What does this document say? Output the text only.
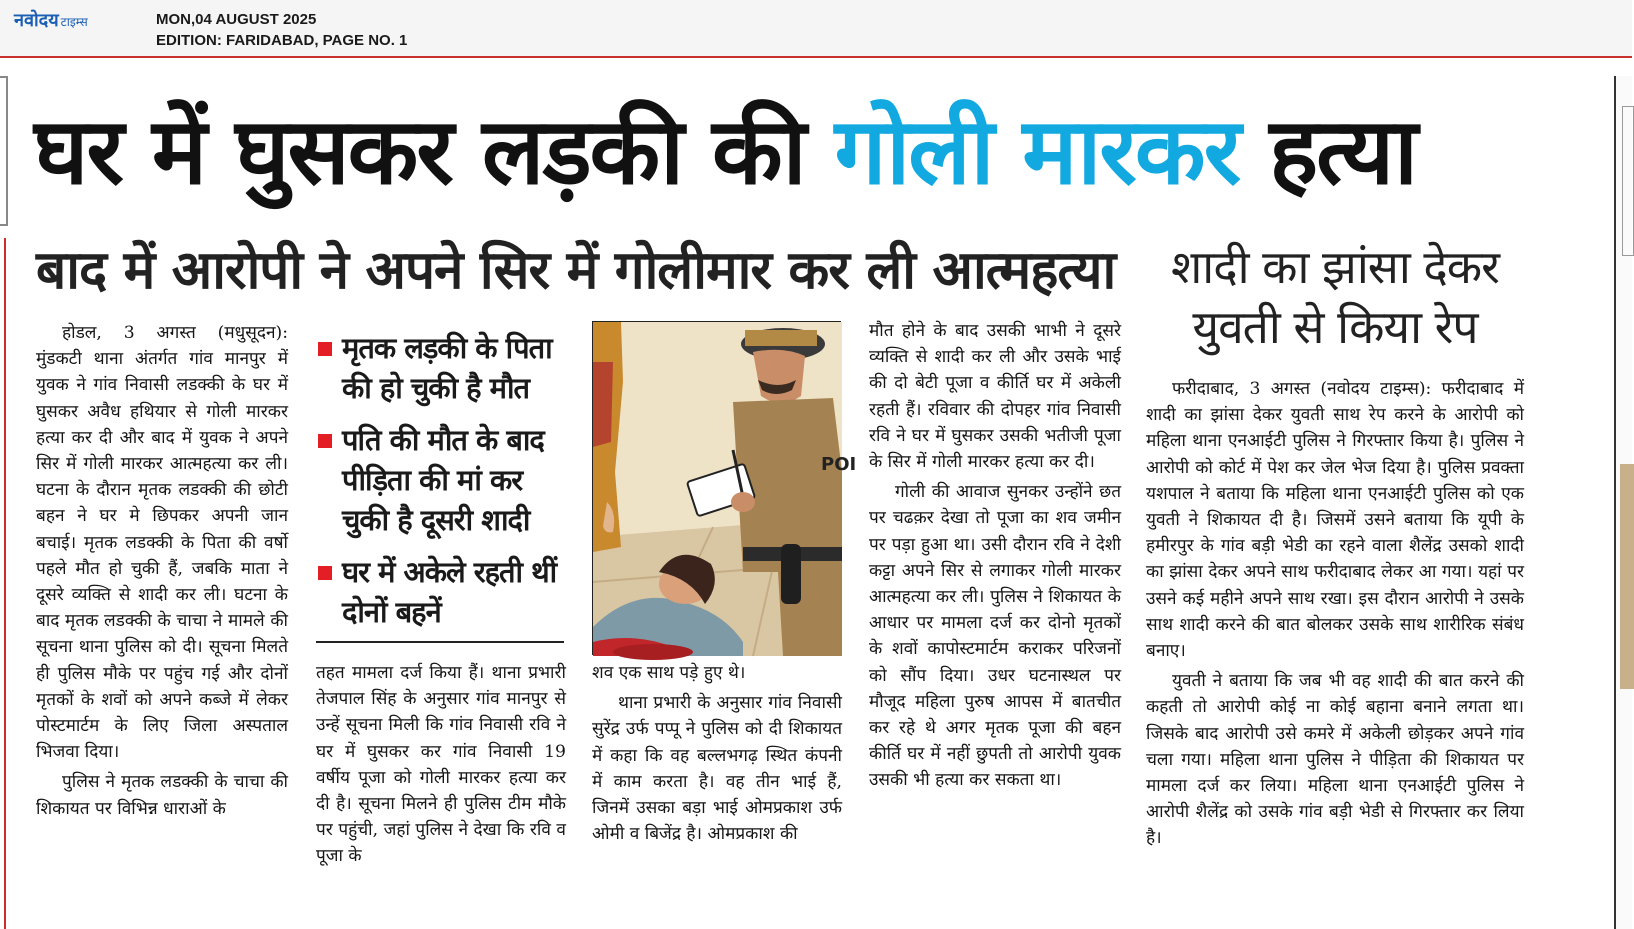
नवोदय टाइम्स	MON,04 AUGUST 2025
EDITION: FARIDABAD, PAGE NO. 1
घर में घुसकर लड़की की गोली मारकर हत्या
बाद में आरोपी ने अपने सिर में गोलीमार कर ली आत्महत्या

होडल, 3 अगस्त (मधुसूदन): मुंडकटी थाना अंतर्गत गांव मानपुर में युवक ने गांव निवासी लडक्की के घर में घुसकर अवैध हथियार से गोली मारकर हत्या कर दी और बाद में युवक ने अपने सिर में गोली मारकर आत्महत्या कर ली। घटना के दौरान मृतक लडक्की की छोटी बहन ने घर मे छिपकर अपनी जान बचाई। मृतक लडक्की के पिता की वर्षो पहले मौत हो चुकी हैं, जबकि माता ने दूसरे व्यक्ति से शादी कर ली। घटना के बाद मृतक लडक्की के चाचा ने मामले की सूचना थाना पुलिस को दी। सूचना मिलते ही पुलिस मौके पर पहुंच गई और दोनों मृतकों के शवों को अपने कब्जे में लेकर पोस्टमार्टम के लिए जिला अस्पताल भिजवा दिया।

पुलिस ने मृतक लडक्की के चाचा की शिकायत पर विभिन्न धाराओं के

मृतक लड़की के पिता की हो चुकी है मौत
पति की मौत के बाद पीड़िता की मां कर चुकी है दूसरी शादी
घर में अकेले रहती थीं दोनों बहनें

तहत मामला दर्ज किया हैं। थाना प्रभारी तेजपाल सिंह के अनुसार गांव मानपुर से उन्हें सूचना मिली कि गांव निवासी रवि ने घर में घुसकर कर गांव निवासी 19 वर्षीय पूजा को गोली मारकर हत्या कर दी है। सूचना मिलने ही पुलिस टीम मौके पर पहुंची, जहां पुलिस ने देखा कि रवि व पूजा के

POI

शव एक साथ पड़े हुए थे।

थाना प्रभारी के अनुसार गांव निवासी सुरेंद्र उर्फ पप्पू ने पुलिस को दी शिकायत में कहा कि वह बल्लभगढ़ स्थित कंपनी में काम करता है। वह तीन भाई हैं, जिनमें उसका बड़ा भाई ओमप्रकाश उर्फ ओमी व बिजेंद्र है। ओमप्रकाश की

मौत होने के बाद उसकी भाभी ने दूसरे व्यक्ति से शादी कर ली और उसके भाई की दो बेटी पूजा व कीर्ति घर में अकेली रहती हैं। रविवार की दोपहर गांव निवासी रवि ने घर में घुसकर उसकी भतीजी पूजा के सिर में गोली मारकर हत्या कर दी।

गोली की आवाज सुनकर उन्होंने छत पर चढक़र देखा तो पूजा का शव जमीन पर पड़ा हुआ था। उसी दौरान रवि ने देशी कट्टा अपने सिर से लगाकर गोली मारकर आत्महत्या कर ली। पुलिस ने शिकायत के आधार पर मामला दर्ज कर दोनो मृतकों के शवों कापोस्टमार्टम कराकर परिजनों को सौंप दिया। उधर घटनास्थल पर मौजूद महिला पुरुष आपस में बातचीत कर रहे थे अगर मृतक पूजा की बहन कीर्ति घर में नहीं छुपती तो आरोपी युवक उसकी भी हत्या कर सकता था।

शादी का झांसा देकर
युवती से किया रेप

फरीदाबाद, 3 अगस्त (नवोदय टाइम्स): फरीदाबाद में शादी का झांसा देकर युवती साथ रेप करने के आरोपी को महिला थाना एनआईटी पुलिस ने गिरफ्तार किया है। पुलिस ने आरोपी को कोर्ट में पेश कर जेल भेज दिया है। पुलिस प्रवक्ता यशपाल ने बताया कि महिला थाना एनआईटी पुलिस को एक युवती ने शिकायत दी है। जिसमें उसने बताया कि यूपी के हमीरपुर के गांव बड़ी भेडी का रहने वाला शैलेंद्र उसको शादी का झांसा देकर अपने साथ फरीदाबाद लेकर आ गया। यहां पर उसने कई महीने अपने साथ रखा। इस दौरान आरोपी ने उसके साथ शादी करने की बात बोलकर उसके साथ शारीरिक संबंध बनाए।

युवती ने बताया कि जब भी वह शादी की बात करने की कहती तो आरोपी कोई ना कोई बहाना बनाने लगता था। जिसके बाद आरोपी उसे कमरे में अकेली छोड़कर अपने गांव चला गया। महिला थाना पुलिस ने पीड़िता की शिकायत पर मामला दर्ज कर लिया। महिला थाना एनआईटी पुलिस ने आरोपी शैलेंद्र को उसके गांव बड़ी भेडी से गिरफ्तार कर लिया है।
